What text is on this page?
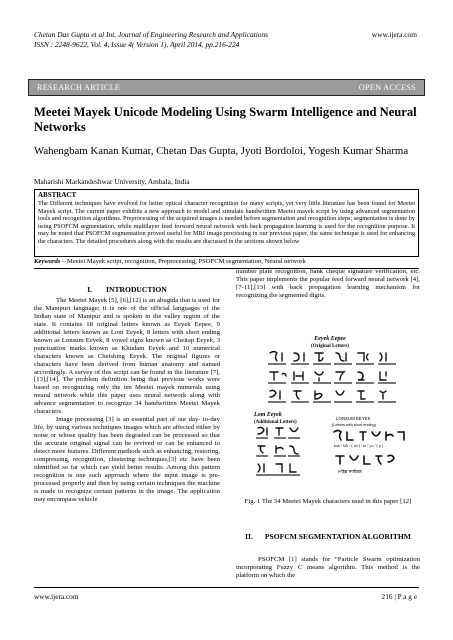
Chetan Das Gupta et al Int. Journal of Engineering Research and Applications
ISSN : 2248-9622, Vol. 4, Issue 4( Version 1), April 2014, pp.216-224
www.ijera.com
RESEARCH ARTICLE	OPEN ACCESS
Meetei Mayek Unicode Modeling Using Swarm Intelligence and Neural Networks
Wahengbam Kanan Kumar, Chetan Das Gupta, Jyoti Bordoloi, Yogesh Kumar Sharma
Maharishi Markandeshwar University, Ambala, India
ABSTRACT
The Different techniques have evolved for better optical character recognition for many scripts, yet very little literature has been found for Meetei Mayek script. The current paper exhibits a new approach to model and simulate handwritten Meetei mayek script by using advanced segmentation tools and recognition algorithms. Preprocessing of the acquired images is needed before segmentation and recognition steps; segmentation is done by using PSOFCM segmentation, while multilayer feed forward neural network with back propagation learning is used for the recognition purpose. It may be noted that PSOFCM segmentation proved useful for MRI image processing in our previous paper, the same technique is used for enhancing the characters. The detailed procedures along with the results are discussed in the sections shown below
Keywords – Meetei Mayek script, recognition, Preprocessing, PSOFCM segmentation, Neural network
I. INTRODUCTION

The Meetei Mayek [5], [6],[12] is an abugida that is used for the Manipuri language; it is one of the official languages of the Indian state of Manipur and is spoken in the valley region of the state. It contains 18 original letters known as Eeyek Eepee, 9 additional letters known as Lom Eeyek, 8 letters with short ending known as Lonsum Eeyek, 8 vowel signs known as Cheitap Eeyek, 3 punctuation marks known as Khudam Eeyek and 10 numerical characters known as Cheishing Eeyek. The original figures or characters have been derived from human anatomy and named accordingly. A survey of this script can be found in the literature [7],[13],[14]. The problem definition being that previous works were based on recognizing only the ten Meetei mayek numerals using neural network while this paper uses neural network along with advance segmentation to recognize 34 handwritten Meetei Mayek characters.

Image processing [3] is an essential part of our day- to-day life, by using various techniques images which are affected either by noise or whose quality has been degraded can be processed so that the accurate original signal can be revived or can be enhanced to detect more features. Different methods such as enhancing, restoring, compressing, recognition, clustering techniques,[3] etc have been identified so far which can yield better results. Among this pattern recognition is one such approach where the input image is pre-processed properly and then by using certain techniques the machine is made to recognize certain patterns in the image. The application may encompass vehicle

number plate recognition, bank cheque signature verification, etc. This paper implements the popular feed forward neural network [4],[7-11],[13] with back propagation learning mechanism for recognizing the segmented digits.

Eeyek Eepee
(Original Letters)
Lom Eeyek
(Additional Letters)
LONSUM EEYEK
(Letters with short ending)
kok / lok / ( lai ) / ni / yo / ( p )
ਮਾਯੇਕ ਸਾਰੀਗਲ
Fig. 1 The 34 Meetei Mayek characters used in this paper [12]
II. PSOFCM SEGMENTATION ALGORITHM

PSOFCM [1] stands for “Particle Swarm optimization incorporating Fuzzy C means algorithm. This method is the platform on which the

www.ijera.com	216 | P a g e
